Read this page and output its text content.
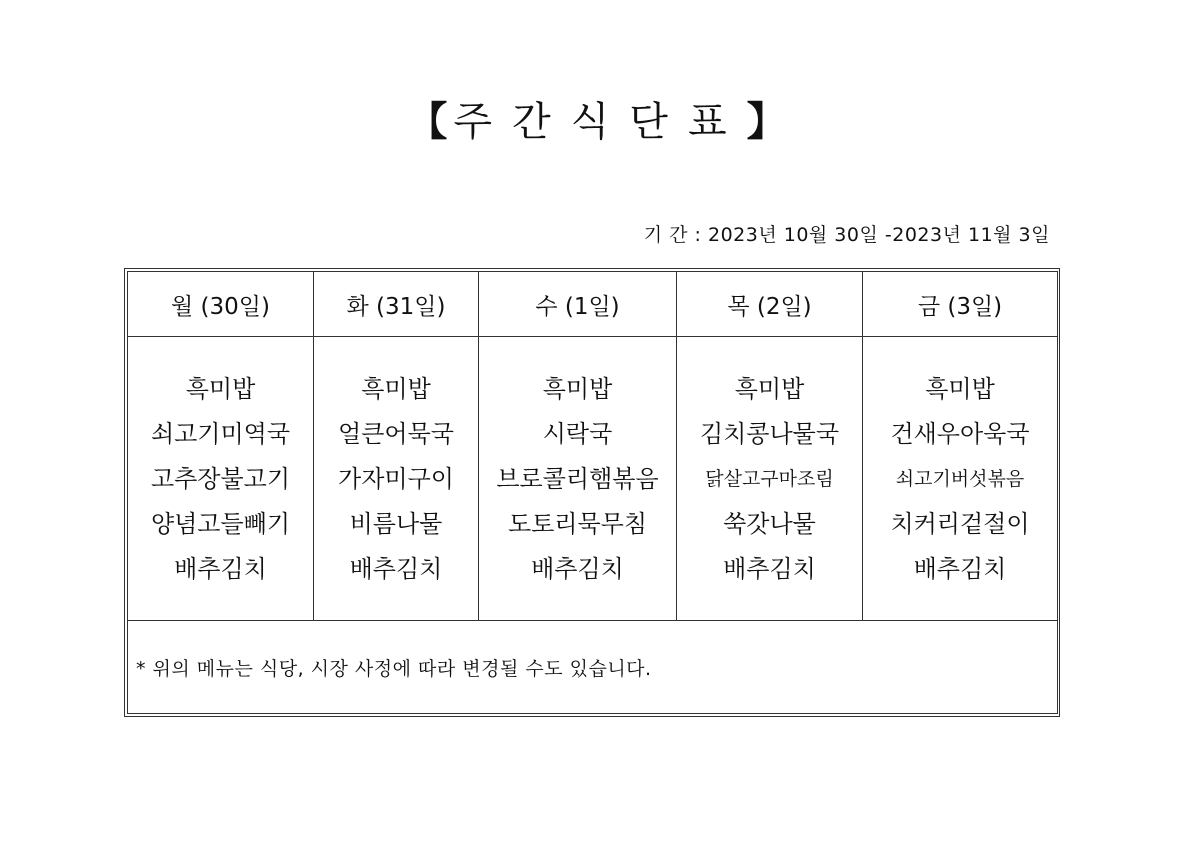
【주간식단표】
기 간 : 2023년 10월 30일 -2023년 11월 3일
월 (30일)	화 (31일)	수 (1일)	목 (2일)	금 (3일)

흑미밥
쇠고기미역국
고추장불고기
양념고들빼기
배추김치	흑미밥
얼큰어묵국
가자미구이
비름나물
배추김치	흑미밥
시락국
브로콜리햄볶음
도토리묵무침
배추김치	흑미밥
김치콩나물국
닭살고구마조림
쑥갓나물
배추김치	흑미밥
건새우아욱국
쇠고기버섯볶음
치커리겉절이
배추김치

* 위의 메뉴는 식당, 시장 사정에 따라 변경될 수도 있습니다.				
